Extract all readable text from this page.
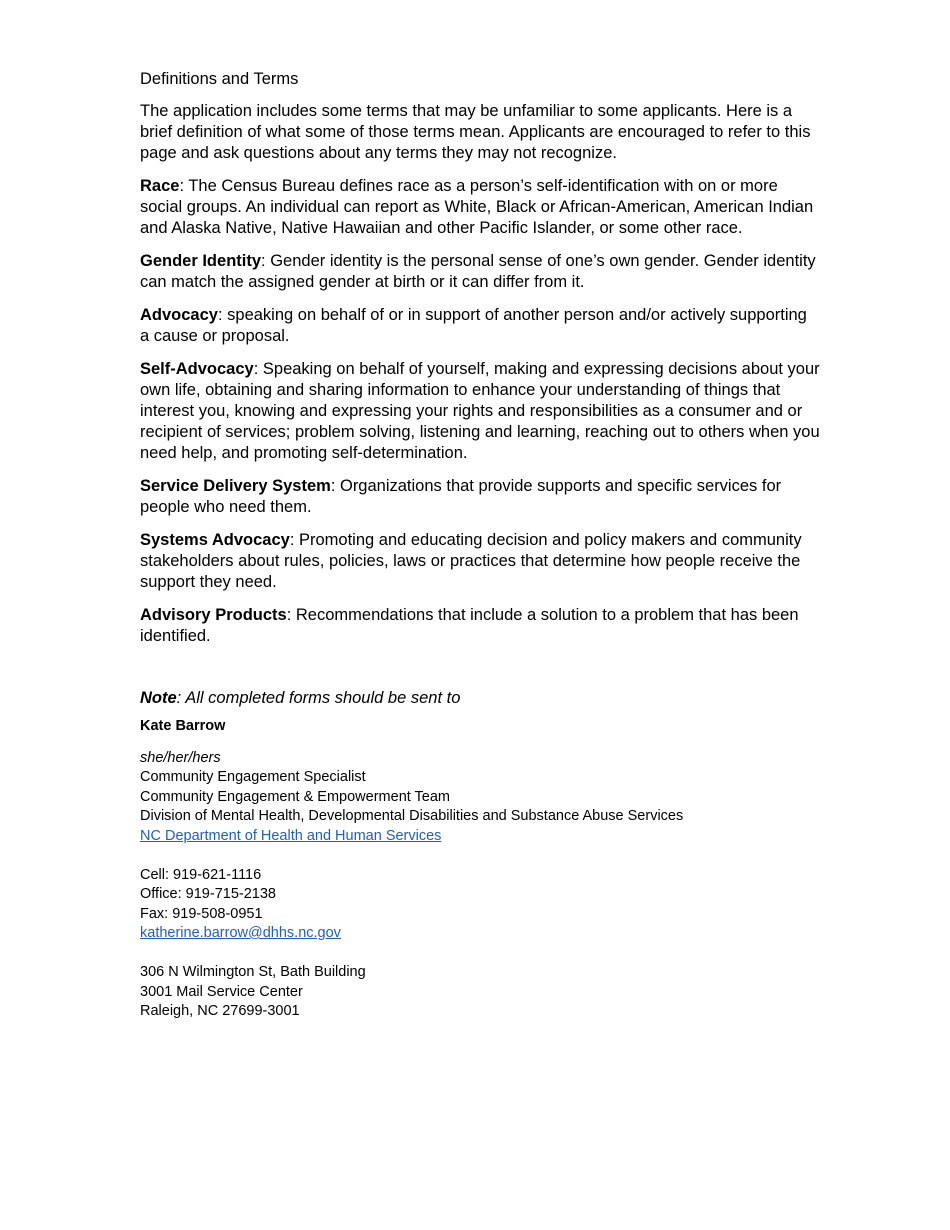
Definitions and Terms

The application includes some terms that may be unfamiliar to some applicants. Here is a brief definition of what some of those terms mean. Applicants are encouraged to refer to this page and ask questions about any terms they may not recognize.

Race: The Census Bureau defines race as a person’s self-identification with on or more social groups. An individual can report as White, Black or African-American, American Indian and Alaska Native, Native Hawaiian and other Pacific Islander, or some other race.

Gender Identity: Gender identity is the personal sense of one’s own gender. Gender identity can match the assigned gender at birth or it can differ from it.

Advocacy: speaking on behalf of or in support of another person and/or actively supporting a cause or proposal.

Self-Advocacy: Speaking on behalf of yourself, making and expressing decisions about your own life, obtaining and sharing information to enhance your understanding of things that interest you, knowing and expressing your rights and responsibilities as a consumer and or recipient of services; problem solving, listening and learning, reaching out to others when you need help, and promoting self-determination.

Service Delivery System: Organizations that provide supports and specific services for people who need them.

Systems Advocacy: Promoting and educating decision and policy makers and community stakeholders about rules, policies, laws or practices that determine how people receive the support they need.

Advisory Products: Recommendations that include a solution to a problem that has been identified.

Note: All completed forms should be sent to
Kate Barrow
she/her/hers
Community Engagement Specialist
Community Engagement & Empowerment Team
Division of Mental Health, Developmental Disabilities and Substance Abuse Services
NC Department of Health and Human Services
Cell: 919-621-1116
Office: 919-715-2138
Fax: 919-508-0951
katherine.barrow@dhhs.nc.gov
306 N Wilmington St, Bath Building
3001 Mail Service Center
Raleigh, NC 27699-3001
